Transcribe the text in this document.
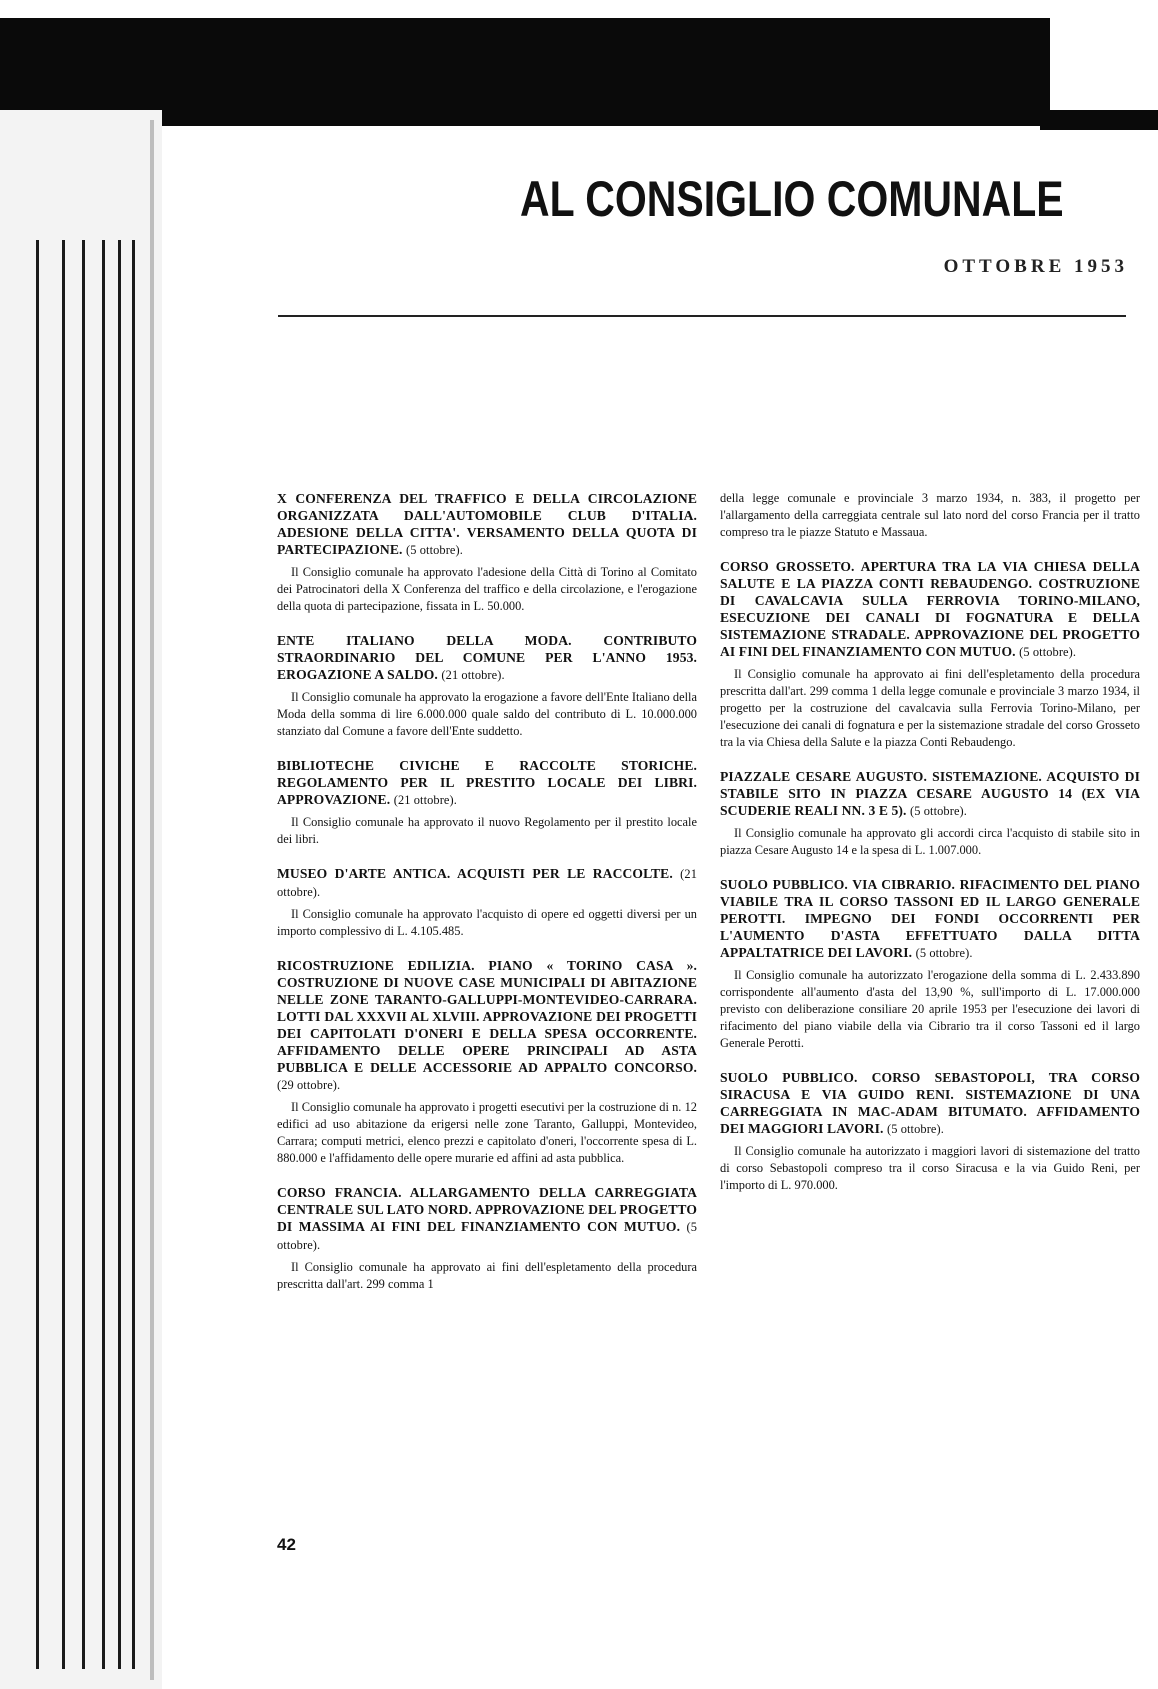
AL CONSIGLIO COMUNALE
OTTOBRE 1953
X CONFERENZA DEL TRAFFICO E DELLA CIRCOLAZIONE ORGANIZZATA DALL'AUTOMOBILE CLUB D'ITALIA. ADESIONE DELLA CITTA'. VERSAMENTO DELLA QUOTA DI PARTECIPAZIONE. (5 ottobre).
Il Consiglio comunale ha approvato l'adesione della Città di Torino al Comitato dei Patrocinatori della X Conferenza del traffico e della circolazione, e l'erogazione della quota di partecipazione, fissata in L. 50.000.
ENTE ITALIANO DELLA MODA. CONTRIBUTO STRAORDINARIO DEL COMUNE PER L'ANNO 1953. EROGAZIONE A SALDO. (21 ottobre).
Il Consiglio comunale ha approvato la erogazione a favore dell'Ente Italiano della Moda della somma di lire 6.000.000 quale saldo del contributo di L. 10.000.000 stanziato dal Comune a favore dell'Ente suddetto.
BIBLIOTECHE CIVICHE E RACCOLTE STORICHE. REGOLAMENTO PER IL PRESTITO LOCALE DEI LIBRI. APPROVAZIONE. (21 ottobre).
Il Consiglio comunale ha approvato il nuovo Regolamento per il prestito locale dei libri.
MUSEO D'ARTE ANTICA. ACQUISTI PER LE RACCOLTE. (21 ottobre).
Il Consiglio comunale ha approvato l'acquisto di opere ed oggetti diversi per un importo complessivo di L. 4.105.485.
RICOSTRUZIONE EDILIZIA. PIANO « TORINO CASA ». COSTRUZIONE DI NUOVE CASE MUNICIPALI DI ABITAZIONE NELLE ZONE TARANTO-GALLUPPI-MONTEVIDEO-CARRARA. LOTTI DAL XXXVII AL XLVIII. APPROVAZIONE DEI PROGETTI DEI CAPITOLATI D'ONERI E DELLA SPESA OCCORRENTE. AFFIDAMENTO DELLE OPERE PRINCIPALI AD ASTA PUBBLICA E DELLE ACCESSORIE AD APPALTO CONCORSO. (29 ottobre).
Il Consiglio comunale ha approvato i progetti esecutivi per la costruzione di n. 12 edifici ad uso abitazione da erigersi nelle zone Taranto, Galluppi, Montevideo, Carrara; computi metrici, elenco prezzi e capitolato d'oneri, l'occorrente spesa di L. 880.000 e l'affidamento delle opere murarie ed affini ad asta pubblica.
CORSO FRANCIA. ALLARGAMENTO DELLA CARREGGIATA CENTRALE SUL LATO NORD. APPROVAZIONE DEL PROGETTO DI MASSIMA AI FINI DEL FINANZIAMENTO CON MUTUO. (5 ottobre).
Il Consiglio comunale ha approvato ai fini dell'espletamento della procedura prescritta dall'art. 299 comma 1
della legge comunale e provinciale 3 marzo 1934, n. 383, il progetto per l'allargamento della carreggiata centrale sul lato nord del corso Francia per il tratto compreso tra le piazze Statuto e Massaua.
CORSO GROSSETO. APERTURA TRA LA VIA CHIESA DELLA SALUTE E LA PIAZZA CONTI REBAUDENGO. COSTRUZIONE DI CAVALCAVIA SULLA FERROVIA TORINO-MILANO, ESECUZIONE DEI CANALI DI FOGNATURA E DELLA SISTEMAZIONE STRADALE. APPROVAZIONE DEL PROGETTO AI FINI DEL FINANZIAMENTO CON MUTUO. (5 ottobre).
Il Consiglio comunale ha approvato ai fini dell'espletamento della procedura prescritta dall'art. 299 comma 1 della legge comunale e provinciale 3 marzo 1934, il progetto per la costruzione del cavalcavia sulla Ferrovia Torino-Milano, per l'esecuzione dei canali di fognatura e per la sistemazione stradale del corso Grosseto tra la via Chiesa della Salute e la piazza Conti Rebaudengo.
PIAZZALE CESARE AUGUSTO. SISTEMAZIONE. ACQUISTO DI STABILE SITO IN PIAZZA CESARE AUGUSTO 14 (EX VIA SCUDERIE REALI NN. 3 E 5). (5 ottobre).
Il Consiglio comunale ha approvato gli accordi circa l'acquisto di stabile sito in piazza Cesare Augusto 14 e la spesa di L. 1.007.000.
SUOLO PUBBLICO. VIA CIBRARIO. RIFACIMENTO DEL PIANO VIABILE TRA IL CORSO TASSONI ED IL LARGO GENERALE PEROTTI. IMPEGNO DEI FONDI OCCORRENTI PER L'AUMENTO D'ASTA EFFETTUATO DALLA DITTA APPALTATRICE DEI LAVORI. (5 ottobre).
Il Consiglio comunale ha autorizzato l'erogazione della somma di L. 2.433.890 corrispondente all'aumento d'asta del 13,90 %, sull'importo di L. 17.000.000 previsto con deliberazione consiliare 20 aprile 1953 per l'esecuzione dei lavori di rifacimento del piano viabile della via Cibrario tra il corso Tassoni ed il largo Generale Perotti.
SUOLO PUBBLICO. CORSO SEBASTOPOLI, TRA CORSO SIRACUSA E VIA GUIDO RENI. SISTEMAZIONE DI UNA CARREGGIATA IN MAC-ADAM BITUMATO. AFFIDAMENTO DEI MAGGIORI LAVORI. (5 ottobre).
Il Consiglio comunale ha autorizzato i maggiori lavori di sistemazione del tratto di corso Sebastopoli compreso tra il corso Siracusa e la via Guido Reni, per l'importo di L. 970.000.
42
